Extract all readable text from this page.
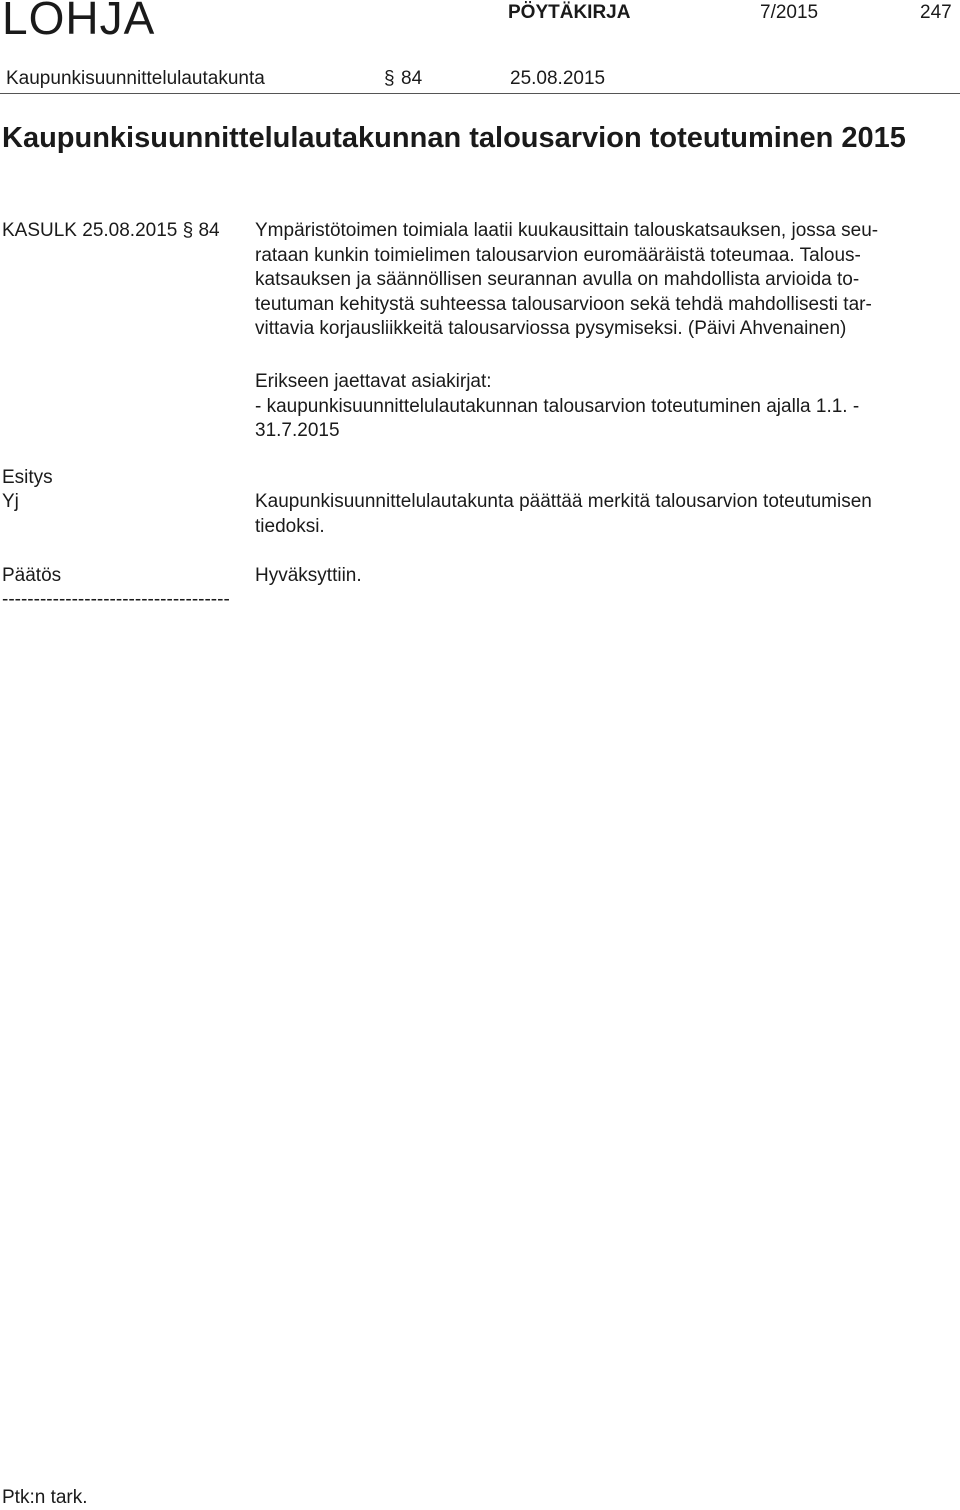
LOHJA	PÖYTÄKIRJA	7/2015	247
Kaupunkisuunnittelulautakunta	§ 84	25.08.2015
Kaupunkisuunnittelulautakunnan talousarvion toteutuminen 2015
KASULK 25.08.2015 § 84 Ympäristötoimen toimiala laatii kuukausittain talouskatsauksen, jossa seu-
rataan kunkin toimielimen talousarvion euromääräistä toteumaa. Talous-
katsauksen ja säännöllisen seurannan avulla on mahdollista arvioida to-
teutuman kehitystä suhteessa talousarvioon sekä tehdä mahdollisesti tar-
vittavia korjausliikkeitä talousarviossa pysymiseksi. (Päivi Ahvenainen)
Erikseen jaettavat asiakirjat:
- kaupunkisuunnittelulautakunnan talousarvion toteutuminen ajalla 1.1. -
31.7.2015
Esitys
Yj	Kaupunkisuunnittelulautakunta päättää merkitä talousarvion toteutumisen
tiedoksi.
Päätös	Hyväksyttiin.
------------------------------------
Ptk:n tark.
